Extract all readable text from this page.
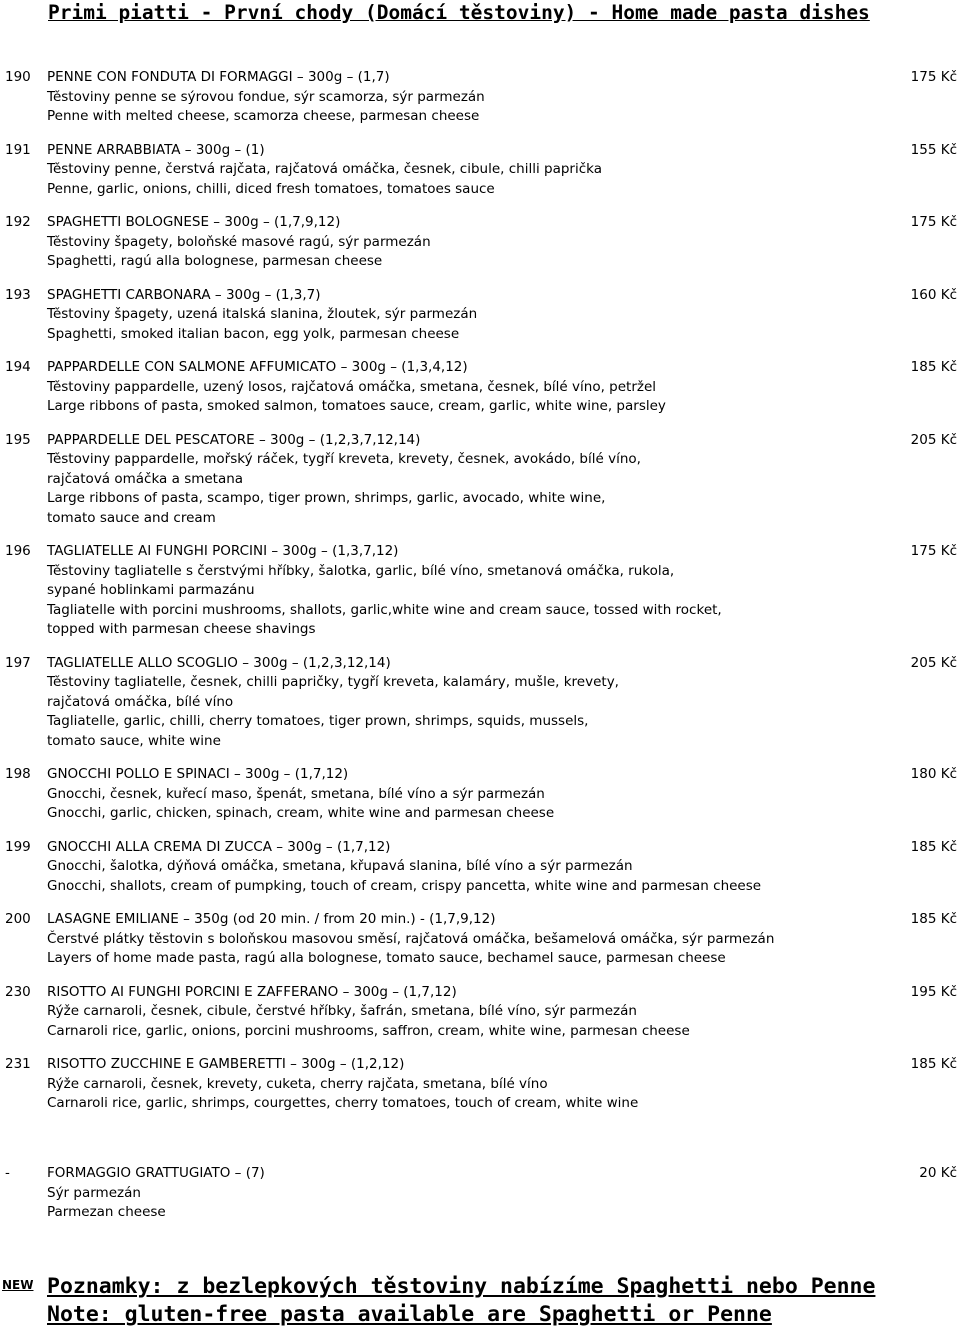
Primi piatti - První chody (Domácí těstoviny) - Home made pasta dishes
190 PENNE CON FONDUTA DI FORMAGGI – 300g – (1,7)
Těstoviny penne se sýrovou fondue, sýr scamorza, sýr parmezán
Penne with melted cheese, scamorza cheese, parmesan cheese
175 Kč
191 PENNE ARRABBIATA – 300g – (1)
Těstoviny penne, čerstvá rajčata, rajčatová omáčka, česnek, cibule, chilli paprička
Penne, garlic, onions, chilli, diced fresh tomatoes, tomatoes sauce
155 Kč
192 SPAGHETTI BOLOGNESE – 300g – (1,7,9,12)
Těstoviny špagety, boloňské masové ragú, sýr parmezán
Spaghetti, ragú alla bolognese, parmesan cheese
175 Kč
193 SPAGHETTI CARBONARA – 300g – (1,3,7)
Těstoviny špagety, uzená italská slanina, žloutek, sýr parmezán
Spaghetti, smoked italian bacon, egg yolk, parmesan cheese
160 Kč
194 PAPPARDELLE CON SALMONE AFFUMICATO – 300g – (1,3,4,12)
Těstoviny pappardelle, uzený losos, rajčatová omáčka, smetana, česnek, bílé víno, petržel
Large ribbons of pasta, smoked salmon, tomatoes sauce, cream, garlic, white wine, parsley
185 Kč
195 PAPPARDELLE DEL PESCATORE – 300g – (1,2,3,7,12,14)
Těstoviny pappardelle, mořský ráček, tygří kreveta, krevety, česnek, avokádo, bílé víno,
rajčatová omáčka a smetana
Large ribbons of pasta, scampo, tiger prown, shrimps, garlic, avocado, white wine,
tomato sauce and cream
205 Kč
196 TAGLIATELLE AI FUNGHI PORCINI – 300g – (1,3,7,12)
Těstoviny tagliatelle s čerstvými hříbky, šalotka, garlic, bílé víno, smetanová omáčka, rukola,
sypané hoblinkami parmazánu
Tagliatelle with porcini mushrooms, shallots, garlic,white wine and cream sauce, tossed with rocket,
topped with parmesan cheese shavings
175 Kč
197 TAGLIATELLE ALLO SCOGLIO – 300g – (1,2,3,12,14)
Těstoviny tagliatelle, česnek, chilli papričky, tygří kreveta, kalamáry, mušle, krevety,
rajčatová omáčka, bílé víno
Tagliatelle, garlic, chilli, cherry tomatoes, tiger prown, shrimps, squids, mussels,
tomato sauce, white wine
205 Kč
198 GNOCCHI POLLO E SPINACI – 300g – (1,7,12)
Gnocchi, česnek, kuřecí maso, špenát, smetana, bílé víno a sýr parmezán
Gnocchi, garlic, chicken, spinach, cream, white wine and parmesan cheese
180 Kč
199 GNOCCHI ALLA CREMA DI ZUCCA – 300g – (1,7,12)
Gnocchi, šalotka, dýňová omáčka, smetana, křupavá slanina, bílé víno a sýr parmezán
Gnocchi, shallots, cream of pumpking, touch of cream, crispy pancetta, white wine and parmesan cheese
185 Kč
200 LASAGNE EMILIANE – 350g (od 20 min. / from 20 min.) - (1,7,9,12)
Čerstvé plátky těstovin s boloňskou masovou směsí, rajčatová omáčka, bešamelová omáčka, sýr parmezán
Layers of home made pasta, ragú alla bolognese, tomato sauce, bechamel sauce, parmesan cheese
185 Kč
230 RISOTTO AI FUNGHI PORCINI E ZAFFERANO – 300g – (1,7,12)
Rýže carnaroli, česnek, cibule, čerstvé hříbky, šafrán, smetana, bílé víno, sýr parmezán
Carnaroli rice, garlic, onions, porcini mushrooms, saffron, cream, white wine, parmesan cheese
195 Kč
231 RISOTTO ZUCCHINE E GAMBERETTI – 300g – (1,2,12)
Rýže carnaroli, česnek, krevety, cuketa, cherry rajčata, smetana, bílé víno
Carnaroli rice, garlic, shrimps, courgettes, cherry tomatoes, touch of cream, white wine
185 Kč
-	FORMAGGIO GRATTUGIATO – (7)
Sýr parmezán
Parmezan cheese
20 Kč
NEW Poznamky: z bezlepkových těstoviny nabízíme Spaghetti nebo Penne
Note: gluten-free pasta available are Spaghetti or Penne
